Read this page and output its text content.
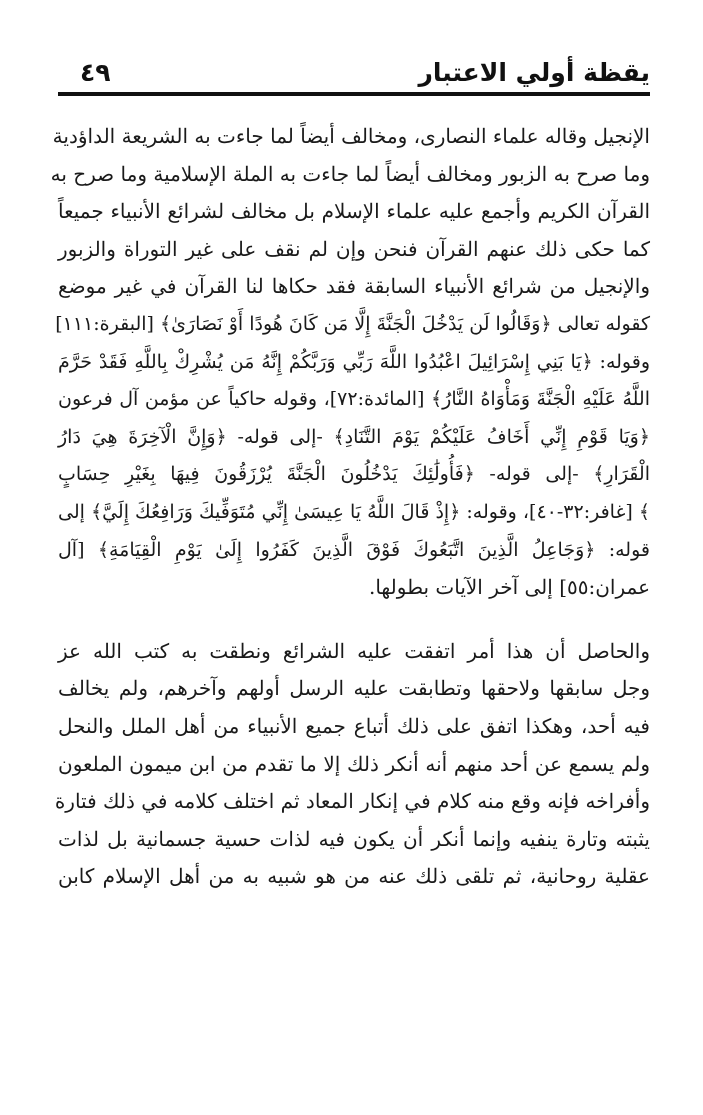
يقظة أولي الاعتبار
٤٩
الإنجيل وقاله علماء النصارى، ومخالف أيضاً لما جاءت به الشريعة الداؤدية
وما صرح به الزبور ومخالف أيضاً لما جاءت به الملة الإسلامية وما صرح به
القرآن الكريم وأجمع عليه علماء الإسلام بل مخالف لشرائع الأنبياء جميعاً
كما حكى ذلك عنهم القرآن فنحن وإن لم نقف على غير التوراة والزبور
والإنجيل من شرائع الأنبياء السابقة فقد حكاها لنا القرآن في غير موضع
كقوله تعالى ﴿وَقَالُوا لَن يَدْخُلَ الْجَنَّةَ إِلَّا مَن كَانَ هُودًا أَوْ نَصَارَىٰ﴾ [البقرة:١١١]
وقوله: ﴿يَا بَنِي إِسْرَائِيلَ اعْبُدُوا اللَّهَ رَبِّي وَرَبَّكُمْ إِنَّهُ مَن يُشْرِكْ بِاللَّهِ فَقَدْ حَرَّمَ
اللَّهُ عَلَيْهِ الْجَنَّةَ وَمَأْوَاهُ النَّارُ﴾ [المائدة:٧٢]، وقوله حاكياً عن مؤمن آل فرعون
﴿وَيَا قَوْمِ إِنِّي أَخَافُ عَلَيْكُمْ يَوْمَ التَّنَادِ﴾ -إلى قوله- ﴿وَإِنَّ الْآخِرَةَ هِيَ دَارُ
الْقَرَارِ﴾ -إلى قوله- ﴿فَأُولَٰئِكَ يَدْخُلُونَ الْجَنَّةَ يُرْزَقُونَ فِيهَا بِغَيْرِ حِسَابٍ
﴾ [غافر:٣٢-٤٠]، وقوله: ﴿إِذْ قَالَ اللَّهُ يَا عِيسَىٰ إِنِّي مُتَوَفِّيكَ وَرَافِعُكَ إِلَيَّ﴾ إلى
قوله: ﴿وَجَاعِلُ الَّذِينَ اتَّبَعُوكَ فَوْقَ الَّذِينَ كَفَرُوا إِلَىٰ يَوْمِ الْقِيَامَةِ﴾ [آل
عمران:٥٥] إلى آخر الآيات بطولها.
والحاصل أن هذا أمر اتفقت عليه الشرائع ونطقت به كتب الله عز
وجل سابقها ولاحقها وتطابقت عليه الرسل أولهم وآخرهم، ولم يخالف
فيه أحد، وهكذا اتفق على ذلك أتباع جميع الأنبياء من أهل الملل والنحل
ولم يسمع عن أحد منهم أنه أنكر ذلك إلا ما تقدم من ابن ميمون الملعون
وأفراخه فإنه وقع منه كلام في إنكار المعاد ثم اختلف كلامه في ذلك فتارة
يثبته وتارة ينفيه وإنما أنكر أن يكون فيه لذات حسية جسمانية بل لذات
عقلية روحانية، ثم تلقى ذلك عنه من هو شبيه به من أهل الإسلام كابن
